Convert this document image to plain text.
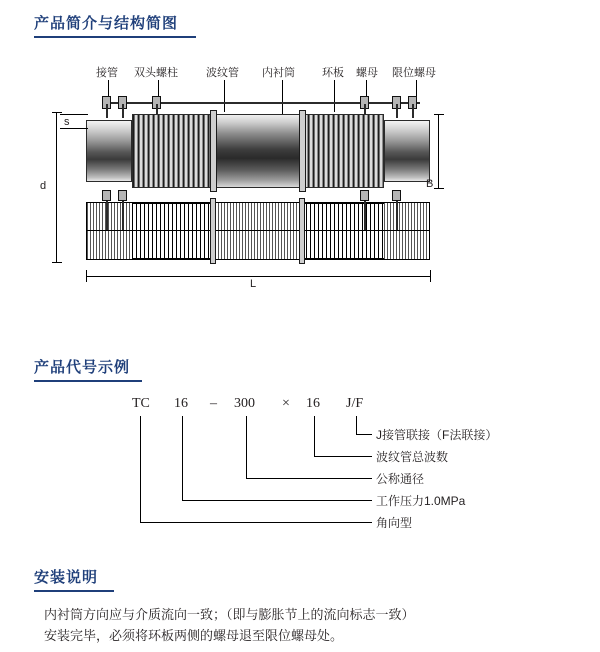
产品简介与结构简图
接管 双头螺柱	波纹管 内衬筒 环板 螺母 限位螺母
s
d	B
L
产品代号示例
TC 16 – 300 × 16 J/F
J接管联接（F法联接）
波纹管总波数
公称通径
工作压力1.0MPa
角向型
安装说明

内衬筒方向应与介质流向一致；（即与膨胀节上的流向标志一致）

安装完毕，必须将环板两侧的螺母退至限位螺母处。
